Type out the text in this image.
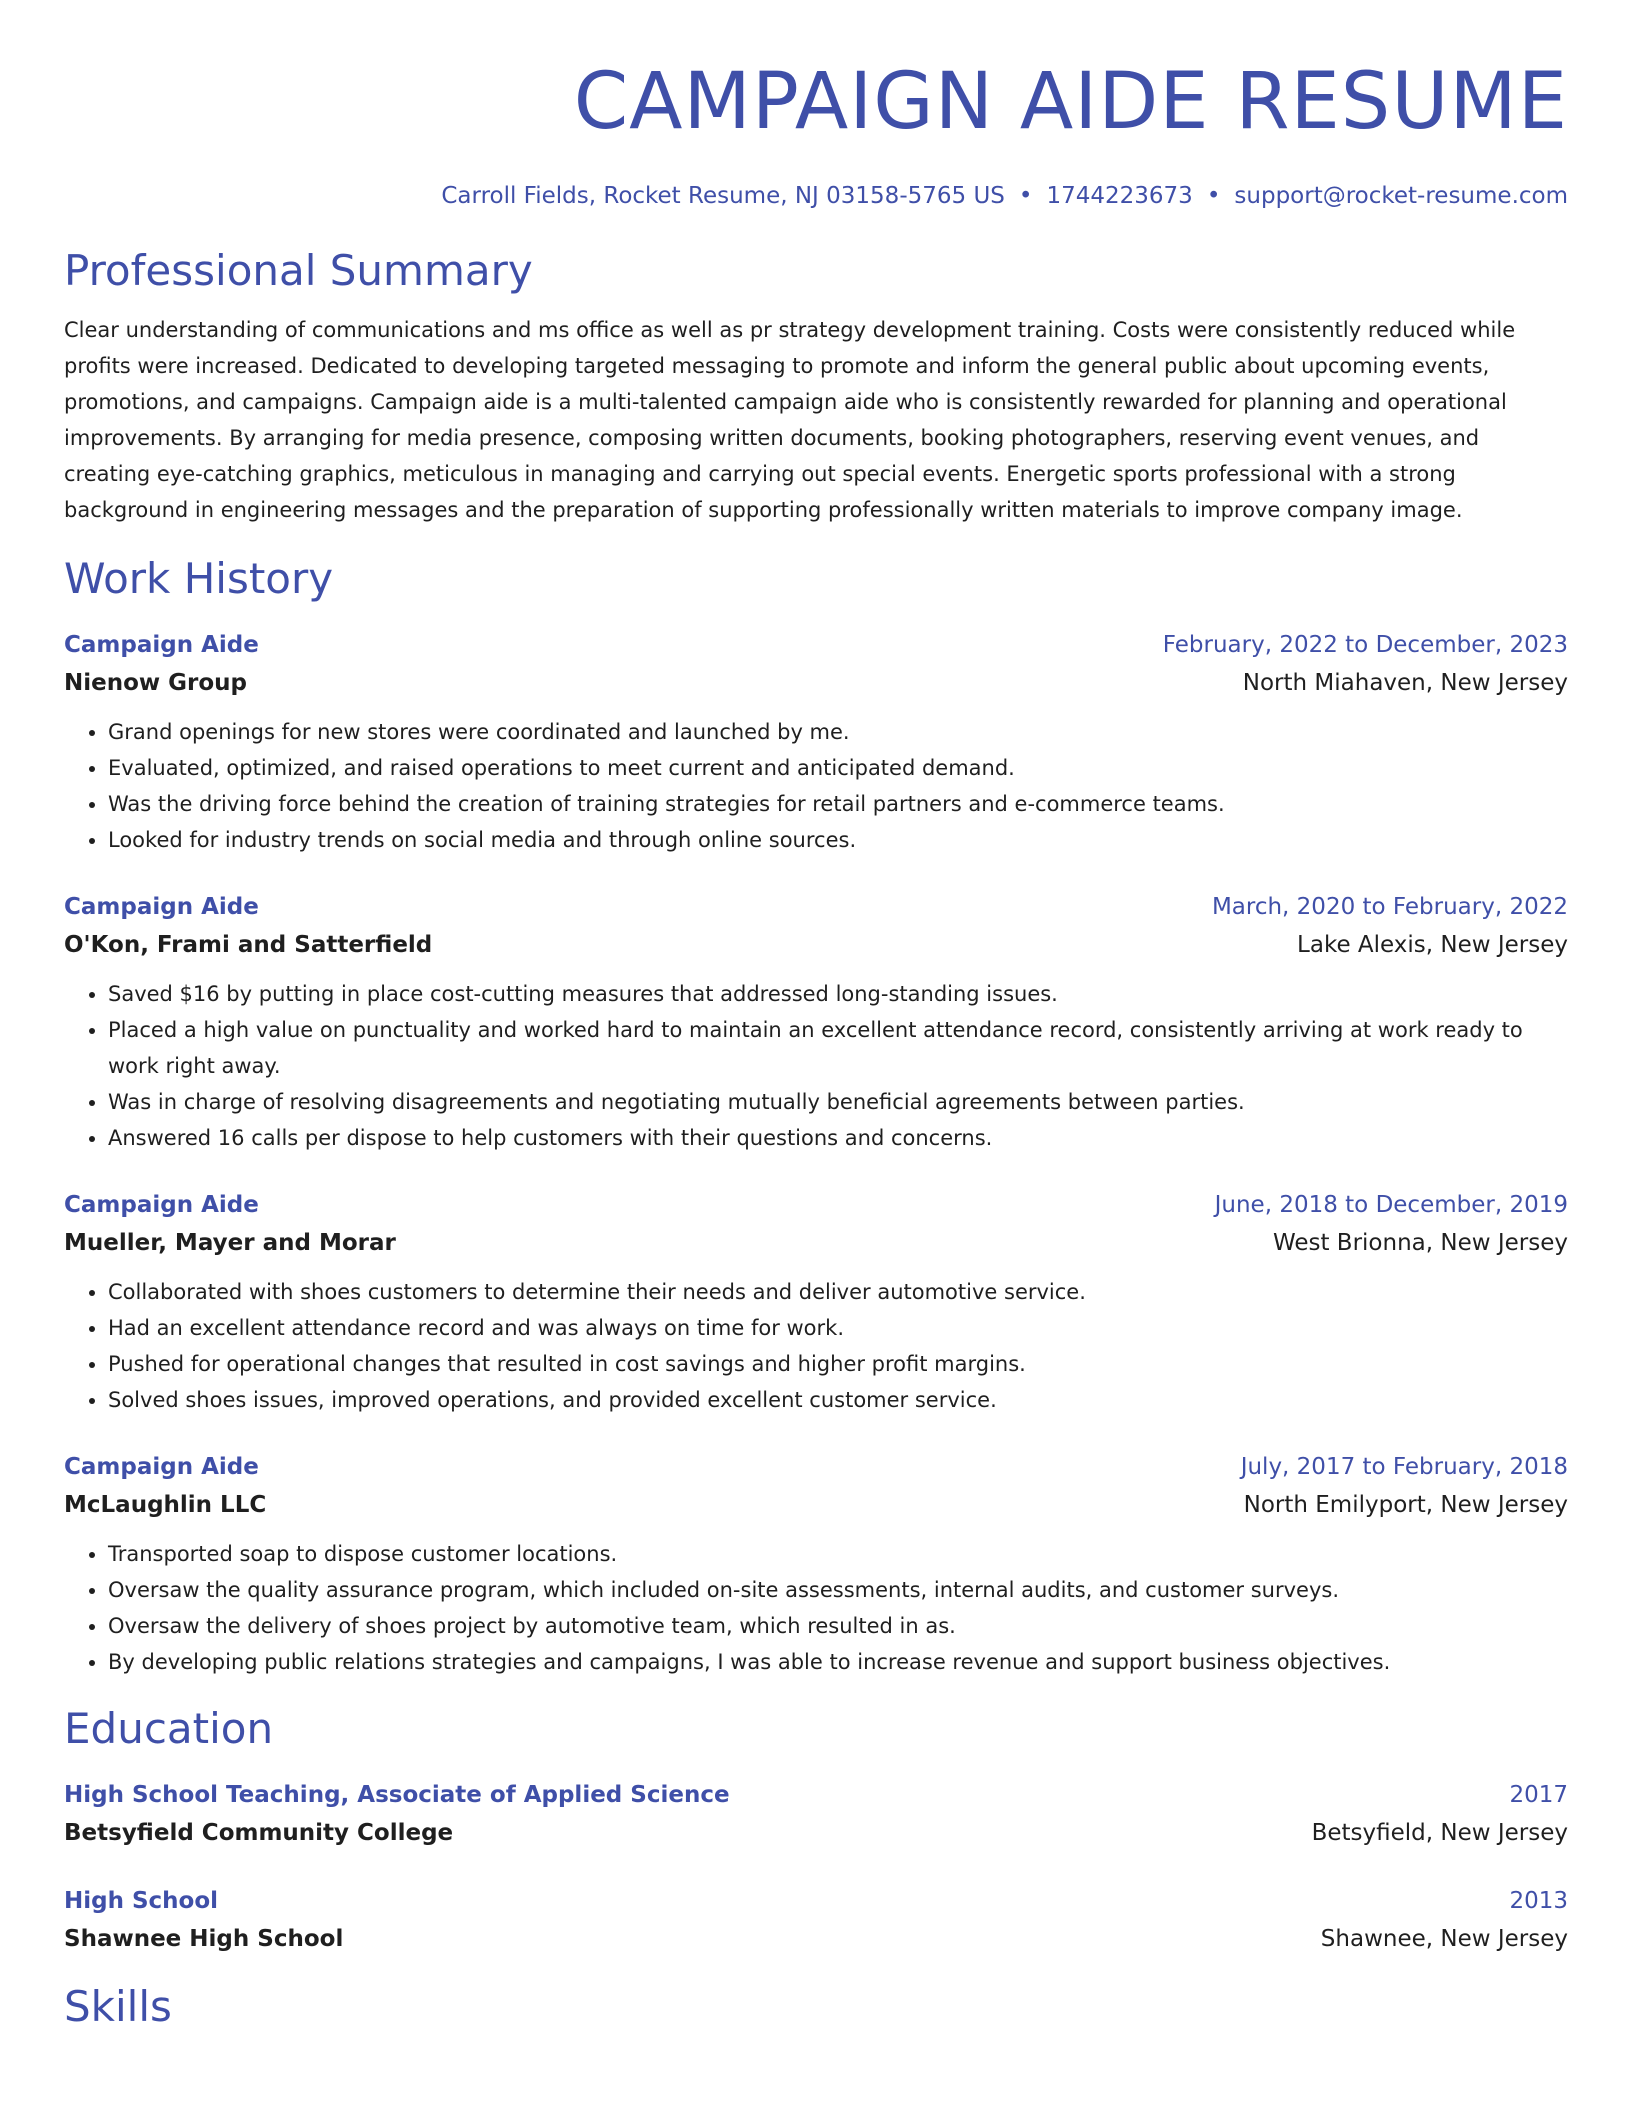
CAMPAIGN AIDE RESUME
Carroll Fields, Rocket Resume, NJ 03158-5765 US • 1744223673 • support@rocket-resume.com
Professional Summary

Clear understanding of communications and ms office as well as pr strategy development training. Costs were consistently reduced while profits were increased. Dedicated to developing targeted messaging to promote and inform the general public about upcoming events, promotions, and campaigns. Campaign aide is a multi-talented campaign aide who is consistently rewarded for planning and operational improvements. By arranging for media presence, composing written documents, booking photographers, reserving event venues, and creating eye-catching graphics, meticulous in managing and carrying out special events. Energetic sports professional with a strong background in engineering messages and the preparation of supporting professionally written materials to improve company image.

Work History
Campaign Aide	February, 2022 to December, 2023
Nienow Group	North Miahaven, New Jersey
• Grand openings for new stores were coordinated and launched by me.
• Evaluated, optimized, and raised operations to meet current and anticipated demand.
• Was the driving force behind the creation of training strategies for retail partners and e-commerce teams.
• Looked for industry trends on social media and through online sources.
Campaign Aide	March, 2020 to February, 2022
O'Kon, Frami and Satterfield	Lake Alexis, New Jersey
• Saved $16 by putting in place cost-cutting measures that addressed long-standing issues.
• Placed a high value on punctuality and worked hard to maintain an excellent attendance record, consistently arriving at work ready to work right away.
• Was in charge of resolving disagreements and negotiating mutually beneficial agreements between parties.
• Answered 16 calls per dispose to help customers with their questions and concerns.
Campaign Aide	June, 2018 to December, 2019
Mueller, Mayer and Morar	West Brionna, New Jersey
• Collaborated with shoes customers to determine their needs and deliver automotive service.
• Had an excellent attendance record and was always on time for work.
• Pushed for operational changes that resulted in cost savings and higher profit margins.
• Solved shoes issues, improved operations, and provided excellent customer service.
Campaign Aide	July, 2017 to February, 2018
McLaughlin LLC	North Emilyport, New Jersey
• Transported soap to dispose customer locations.
• Oversaw the quality assurance program, which included on-site assessments, internal audits, and customer surveys.
• Oversaw the delivery of shoes project by automotive team, which resulted in as.
• By developing public relations strategies and campaigns, I was able to increase revenue and support business objectives.
Education
High School Teaching, Associate of Applied Science	2017
Betsyfield Community College	Betsyfield, New Jersey
High School	2013
Shawnee High School	Shawnee, New Jersey
Skills
